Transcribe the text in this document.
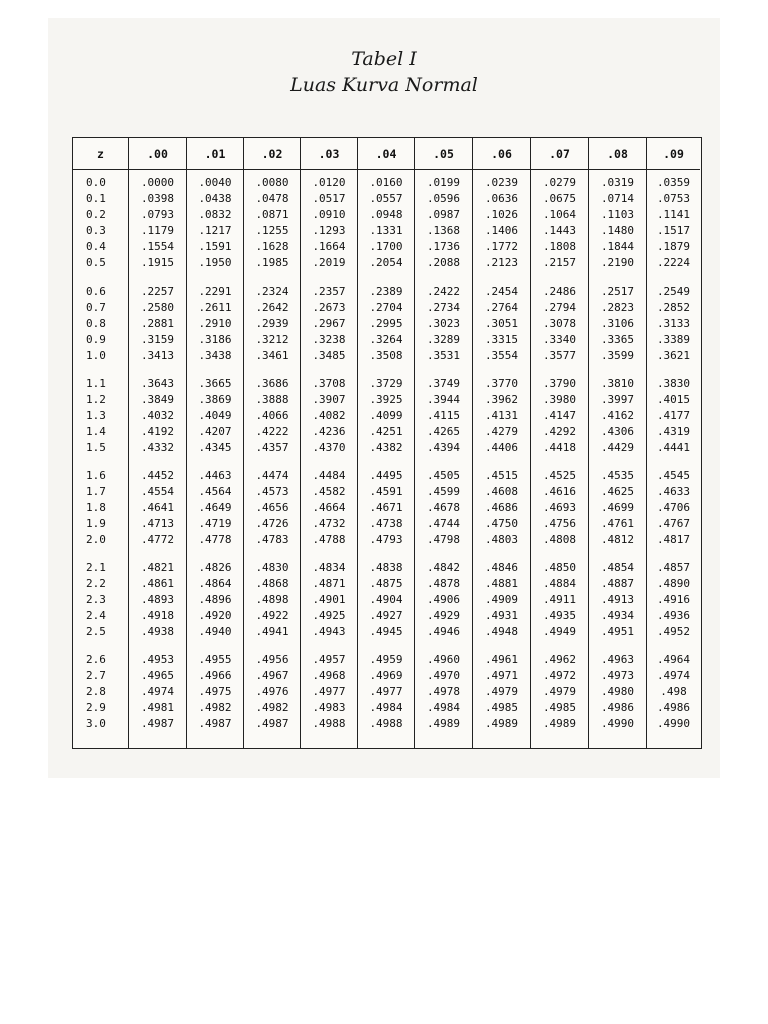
Tabel I
Luas Kurva Normal
z
0.0
0.1
0.2
0.3
0.4
0.5
0.6
0.7
0.8
0.9
1.0
1.1
1.2
1.3
1.4
1.5
1.6
1.7
1.8
1.9
2.0
2.1
2.2
2.3
2.4
2.5
2.6
2.7
2.8
2.9
3.0
.00
.0000
.0398
.0793
.1179
.1554
.1915
.2257
.2580
.2881
.3159
.3413
.3643
.3849
.4032
.4192
.4332
.4452
.4554
.4641
.4713
.4772
.4821
.4861
.4893
.4918
.4938
.4953
.4965
.4974
.4981
.4987
.01
.0040
.0438
.0832
.1217
.1591
.1950
.2291
.2611
.2910
.3186
.3438
.3665
.3869
.4049
.4207
.4345
.4463
.4564
.4649
.4719
.4778
.4826
.4864
.4896
.4920
.4940
.4955
.4966
.4975
.4982
.4987
.02
.0080
.0478
.0871
.1255
.1628
.1985
.2324
.2642
.2939
.3212
.3461
.3686
.3888
.4066
.4222
.4357
.4474
.4573
.4656
.4726
.4783
.4830
.4868
.4898
.4922
.4941
.4956
.4967
.4976
.4982
.4987
.03
.0120
.0517
.0910
.1293
.1664
.2019
.2357
.2673
.2967
.3238
.3485
.3708
.3907
.4082
.4236
.4370
.4484
.4582
.4664
.4732
.4788
.4834
.4871
.4901
.4925
.4943
.4957
.4968
.4977
.4983
.4988
.04
.0160
.0557
.0948
.1331
.1700
.2054
.2389
.2704
.2995
.3264
.3508
.3729
.3925
.4099
.4251
.4382
.4495
.4591
.4671
.4738
.4793
.4838
.4875
.4904
.4927
.4945
.4959
.4969
.4977
.4984
.4988
.05
.0199
.0596
.0987
.1368
.1736
.2088
.2422
.2734
.3023
.3289
.3531
.3749
.3944
.4115
.4265
.4394
.4505
.4599
.4678
.4744
.4798
.4842
.4878
.4906
.4929
.4946
.4960
.4970
.4978
.4984
.4989
.06
.0239
.0636
.1026
.1406
.1772
.2123
.2454
.2764
.3051
.3315
.3554
.3770
.3962
.4131
.4279
.4406
.4515
.4608
.4686
.4750
.4803
.4846
.4881
.4909
.4931
.4948
.4961
.4971
.4979
.4985
.4989
.07
.0279
.0675
.1064
.1443
.1808
.2157
.2486
.2794
.3078
.3340
.3577
.3790
.3980
.4147
.4292
.4418
.4525
.4616
.4693
.4756
.4808
.4850
.4884
.4911
.4935
.4949
.4962
.4972
.4979
.4985
.4989
.08
.0319
.0714
.1103
.1480
.1844
.2190
.2517
.2823
.3106
.3365
.3599
.3810
.3997
.4162
.4306
.4429
.4535
.4625
.4699
.4761
.4812
.4854
.4887
.4913
.4934
.4951
.4963
.4973
.4980
.4986
.4990
.09
.0359
.0753
.1141
.1517
.1879
.2224
.2549
.2852
.3133
.3389
.3621
.3830
.4015
.4177
.4319
.4441
.4545
.4633
.4706
.4767
.4817
.4857
.4890
.4916
.4936
.4952
.4964
.4974
.498
.4986
.4990
